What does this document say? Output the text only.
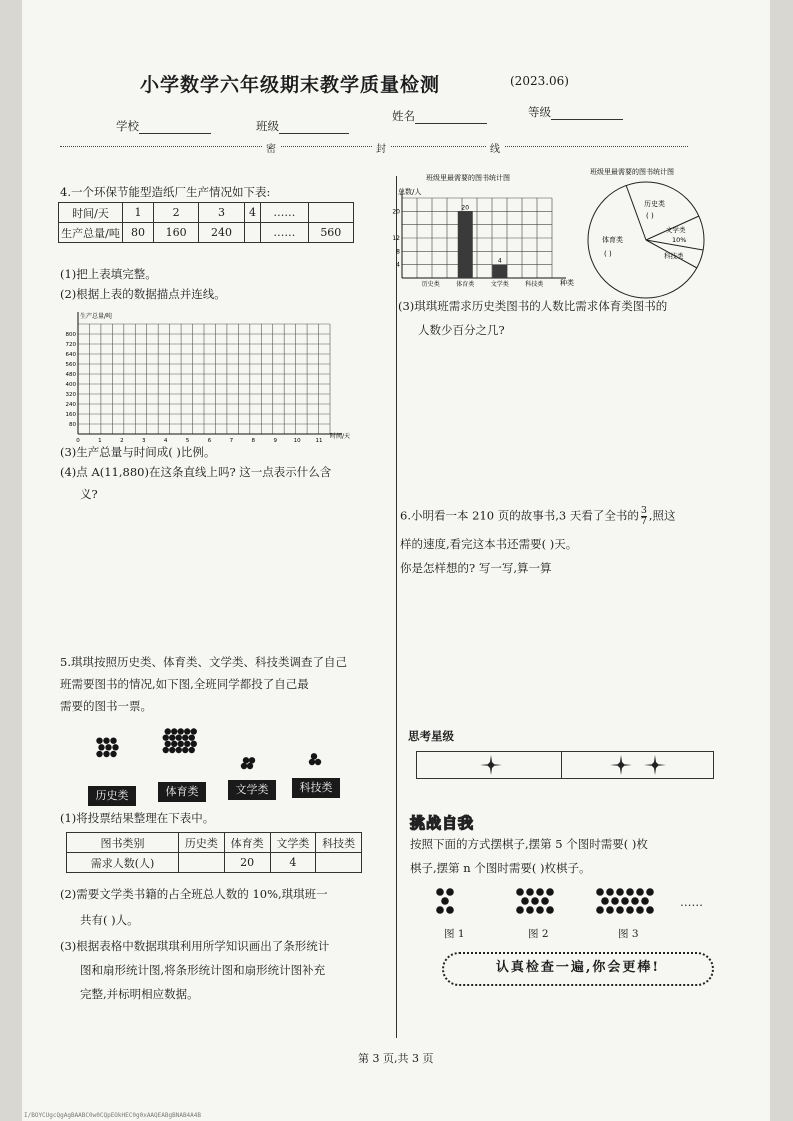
小学数学六年级期末教学质量检测	(2023.06)
学校	班级
姓名	等级
密	封	线
4.一个环保节能型造纸厂生产情况如下表:
时间/天	1	2	3	4	……	
生产总量/吨	80	160	240		……	560
(1)把上表填完整。
(2)根据上表的数据描点并连线。
800
720
640
560
480
400
320
240
160
80
0	1	2	3	4	5	6	7	8	9	10	11
生产总量/吨
时间/天
(3)生产总量与时间成( )比例。
(4)点 A(11,880)在这条直线上吗? 这一点表示什么含
义?
5.琪琪按照历史类、体育类、文学类、科技类调查了自己
班需要图书的情况,如下图,全班同学都投了自己最
需要的图书一票。
历史类	体育类	文学类	科技类
(1)将投票结果整理在下表中。
图书类别	历史类	体育类	文学类	科技类
需求人数(人)		20	4	
(2)需要文学类书籍的占全班总人数的 10%,琪琪班一
共有( )人。
(3)根据表格中数据琪琪利用所学知识画出了条形统计
图和扇形统计图,将条形统计图和扇形统计图补充
完整,并标明相应数据。
班级里最需要的图书统计图
总数/人
20
12
8
4
历史类
20
体育类
4
文学类	科技类 种类
班级里最需要的图书统计图
历史类
( )
体育类
( )
文学类
10%
科技类
(3)琪琪班需求历史类图书的人数比需求体育类图书的
人数少百分之几?
6.小明看一本 210 页的故事书,3 天看了全书的 $\frac{3}{7}$ ,照这
样的速度,看完这本书还需要( )天。
你是怎样想的? 写一写,算一算
思考星级
挑战自我
按照下面的方式摆棋子,摆第 5 个图时需要( )枚
棋子,摆第 n 个图时需要( )枚棋子。
图 1	图 2	图 3
……
认真检查一遍,你会更棒!
第 3 页,共 3 页
I/BOYCUgcQgAgBAABC0w0CQpEOkHEC0g0xAAQEABgBNAB4A4B
